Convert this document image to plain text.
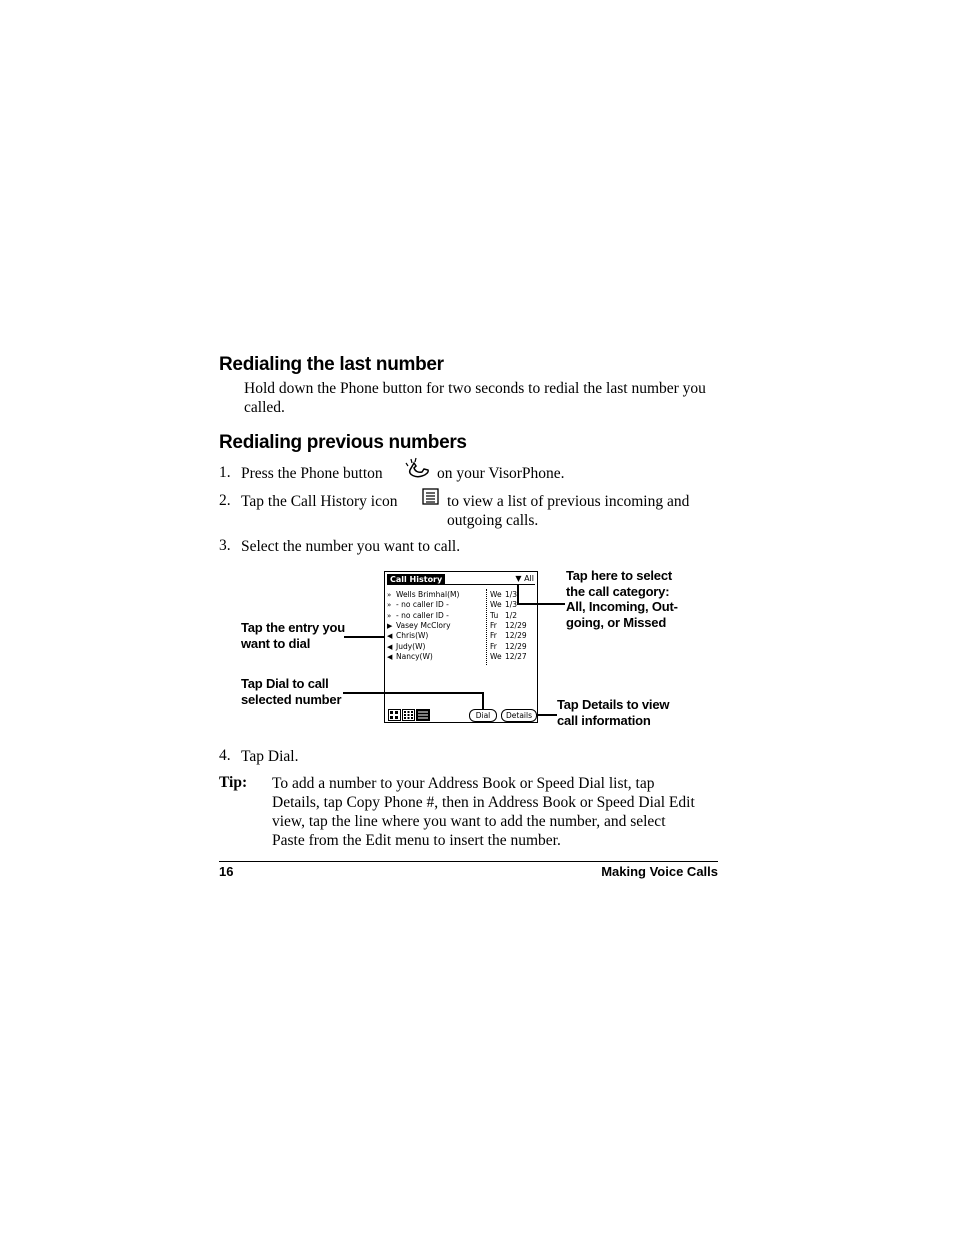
Redialing the last number
Hold down the Phone button for two seconds to redial the last number you called.
Redialing previous numbers
1. Press the Phone button	on your VisorPhone.
2. Tap the Call History icon	to view a list of previous incoming and outgoing calls.
3. Select the number you want to call.
Call History	▼ All
» Wells Brimhal(M)	We 1/3
» - no caller ID -	We 1/3
» - no caller ID -	Tu 1/2
▶ Vasey McClory	Fr 12/29
◀ Chris(W)	Fr 12/29
◀ Judy(W)	Fr 12/29
◀ Nancy(W)	We 12/27
Dial	Details
Tap here to select
the call category:
All, Incoming, Out-
going, or Missed
Tap the entry you
want to dial
Tap Dial to call
selected number	Tap Details to view
call information
4. Tap Dial.
Tip: To add a number to your Address Book or Speed Dial list, tap
Details, tap Copy Phone #, then in Address Book or Speed Dial Edit
view, tap the line where you want to add the number, and select
Paste from the Edit menu to insert the number.
16	Making Voice Calls
